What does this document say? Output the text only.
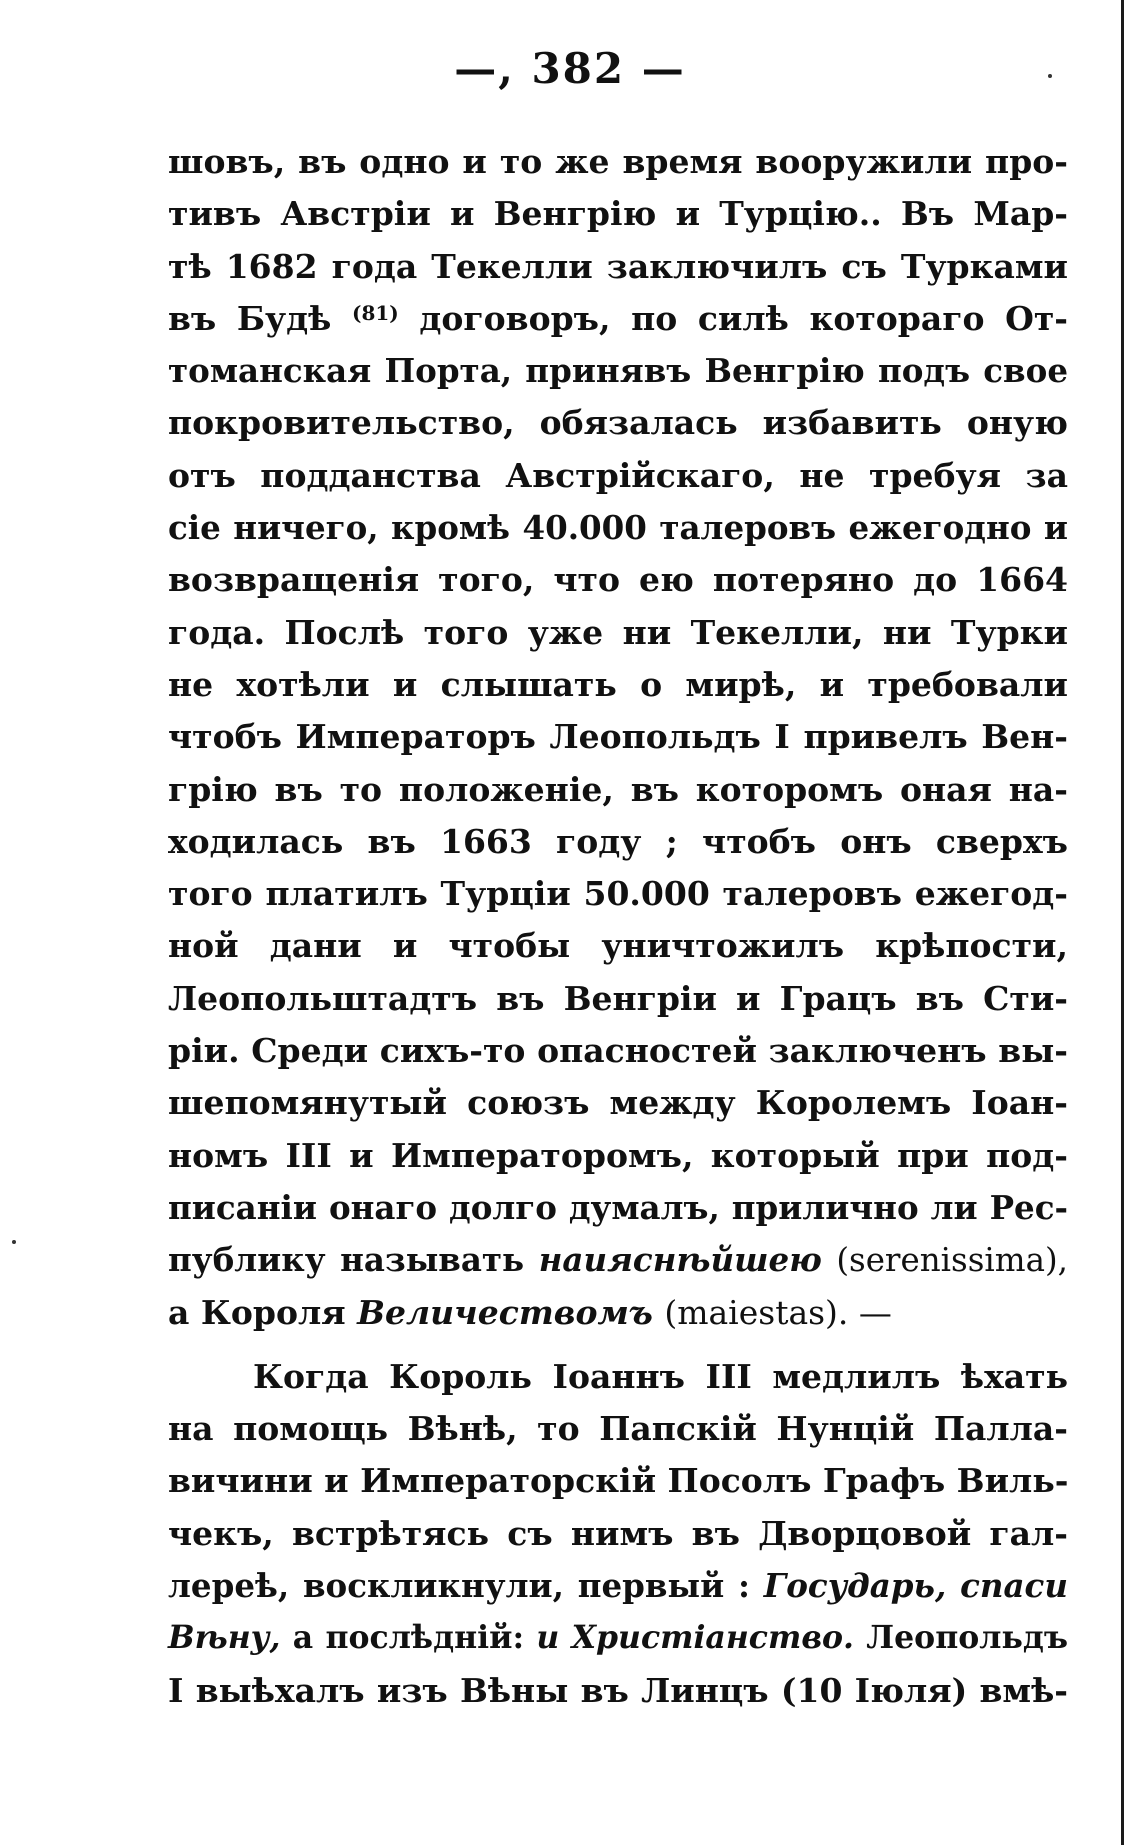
—, 382 —
шовъ, въ одно и то же время вооружили про-
тивъ Австріи и Венгрію и Турцію.. Въ Мар-
тѣ 1682 года Текелли заключилъ съ Турками
въ Будѣ $^{(81)}$ договоръ, по силѣ котораго От-
томанская Порта, принявъ Венгрію подъ свое
покровительство, обязалась избавить оную
отъ подданства Австрійскаго, не требуя за
сіе ничего, кромѣ 40.000 талеровъ ежегодно и
возвращенія того, что ею потеряно до 1664
года. Послѣ того уже ни Текелли, ни Турки
не хотѣли и слышать о мирѣ, и требовали
чтобъ Императоръ Леопольдъ I привелъ Вен-
грію въ то положеніе, въ которомъ оная на-
ходилась въ 1663 году ; чтобъ онъ сверхъ
того платилъ Турціи 50.000 талеровъ ежегод-
ной дани и чтобы уничтожилъ крѣпости,
Леопольштадтъ въ Венгріи и Грацъ въ Сти-
ріи. Среди сихъ-то опасностей заключенъ вы-
шепомянутый союзъ между Королемъ Іоан-
номъ III и Императоромъ, который при под-
писаніи онаго долго думалъ, прилично ли Рес-
публику называть наияснѣйшею (serenissima),
а Короля Величествомъ (maiestas). —
Когда Король Іоаннъ III медлилъ ѣхать
на помощь Вѣнѣ, то Папскій Нунцій Палла-
вичини и Императорскій Посолъ Графъ Виль-
чекъ, встрѣтясь съ нимъ въ Дворцовой гал-
лереѣ, воскликнули, первый : Государь, спаси
Вѣну, а послѣдній: и Христіанство. Леопольдъ
I выѣхалъ изъ Вѣны въ Линцъ (10 Іюля) вмѣ-
